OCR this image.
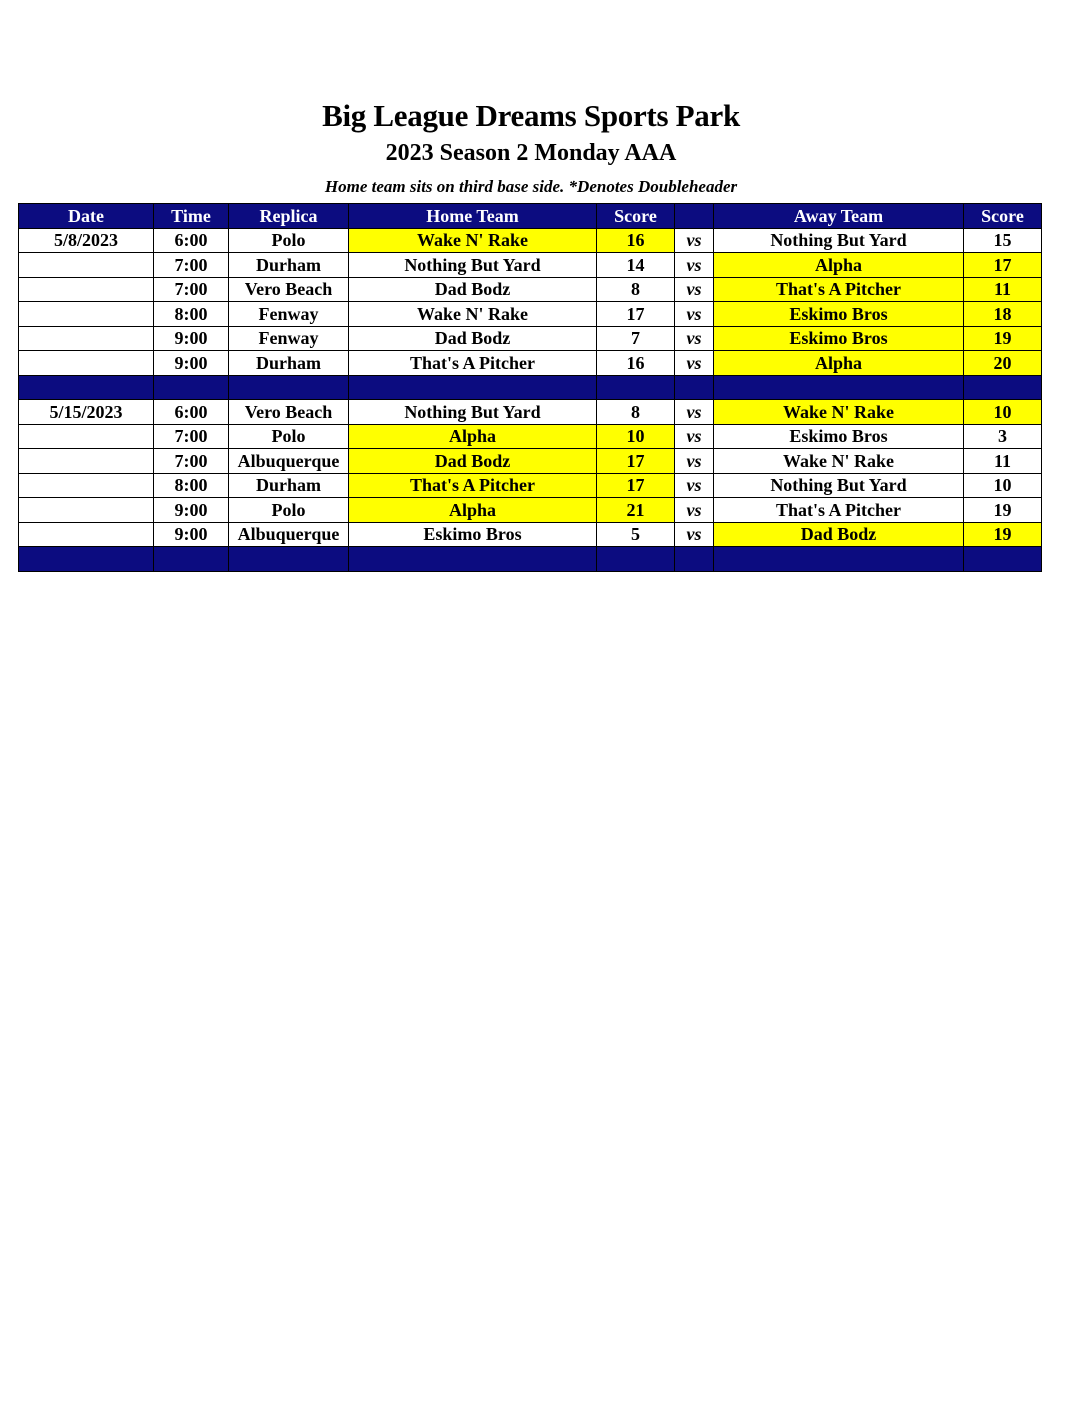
Big League Dreams Sports Park
2023 Season 2 Monday AAA
Home team sits on third base side. *Denotes Doubleheader
Date	Time	Replica	Home Team	Score		Away Team	Score
5/8/2023	6:00	Polo	Wake N' Rake	16	vs	Nothing But Yard	15
	7:00	Durham	Nothing But Yard	14	vs	Alpha	17
	7:00	Vero Beach	Dad Bodz	8	vs	That's A Pitcher	11
	8:00	Fenway	Wake N' Rake	17	vs	Eskimo Bros	18
	9:00	Fenway	Dad Bodz	7	vs	Eskimo Bros	19
	9:00	Durham	That's A Pitcher	16	vs	Alpha	20

5/15/2023	6:00	Vero Beach	Nothing But Yard	8	vs	Wake N' Rake	10
	7:00	Polo	Alpha	10	vs	Eskimo Bros	3
	7:00	Albuquerque	Dad Bodz	17	vs	Wake N' Rake	11
	8:00	Durham	That's A Pitcher	17	vs	Nothing But Yard	10
	9:00	Polo	Alpha	21	vs	That's A Pitcher	19
	9:00	Albuquerque	Eskimo Bros	5	vs	Dad Bodz	19
